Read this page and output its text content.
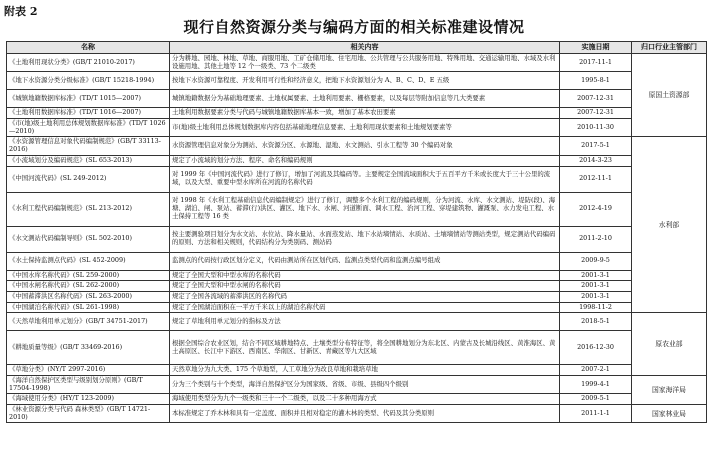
附表 2
现行自然资源分类与编码方面的相关标准建设情况
名称	相关内容	实施日期	归口行业主管部门
《土地利用现状分类》(GB/T 21010-2017)	分为耕地、园地、林地、草地、商服用地、工矿仓储用地、住宅用地、公共管理与公共服务用地、特殊用地、交通运输用地、水域及水利设施用地、其他土地等 12 个一级类、73 个二级类	2017-11-1	原国土资源部
《地下水资源分类分级标准》(GB/T 15218-1994)	按地下水资源可靠程度、开发利用可行性和经济意义，把地下水资源划分为 A、B、C、D、E 五级	1995-8-1	
《城镇地籍数据库标准》(TD/T 1015—2007)	城镇地籍数据分为基础地理要素、土地权属要素、土地利用要素、栅格要素，以及每层等附加信息等几大类要素	2007-12-31	
《土地利用数据库标准》(TD/T 1016—2007)	土地利用数据要素分类与代码与城镇地籍数据库基本一致，增加了基本农田要素	2007-12-31	
《市(地)级土地利用总体规划数据库标准》(TD/T 1026—2010)	市(地)级土地利用总体规划数据库内容包括基础地理信息要素、土地利用现状要素和土地规划要素等	2010-11-30	
《水资源管理信息对象代码编制规范》(GB/T 33113-2016)	水资源管理信息对象分为测站、水资源分区、水源地、湿地、水文测站、引水工程等 30 个编码对象	2017-5-1	水利部
《小流域划分及编码规范》(SL 653-2013)	规定了小流域的划分方法、程序、命名和编码规则	2014-3-23	
《中国河流代码》(SL 249-2012)	对 1999 年《中国河流代码》进行了修订，增加了河流及其编码等。主要规定全国流域面积大于五百平方千米或长度大于三十公里的流域，以及大型、重要中型水库所在河流的名称代码	2012-11-1	
《水利工程代码编制规范》(SL 213-2012)	对 1998 年《水利工程基础信息代码编制规定》进行了修订，调整多个水利工程的编码规则，分为河流、水库、水文测站、堤防(段)、海塘、湖泊、闸、泵站、蓄滞(行)洪区、灌区、地下水、水闸、河道断面、调水工程、治河工程、穿堤建筑物、灌溉泵、水力发电工程、水土保持工程等 16 类	2012-4-19	
《水文测站代码编制导则》(SL 502-2010)	按主要测验项目划分为水文站、水位站、降水量站、水面蒸发站、地下水站墒情站、水质站、土壤墒情站等测站类型，规定测站代码编码的原则、方法和相关规则，代码结构分为类别码、测站码	2011-2-10	
《水土保持监测点代码》(SL 452-2009)	监测点的代码按行政区划分定义，代码由测站所在区划代码、监测点类型代码和监测点编号组成	2009-9-5	
《中国水库名称代码》(SL 259-2000)	规定了全国大型和中型水库的名称代码	2001-3-1	
《中国水闸名称代码》(SL 262-2000)	规定了全国大型和中型水闸的名称代码	2001-3-1	
《中国蓄滞洪区名称代码》(SL 263-2000)	规定了全国各流域的蓄滞洪区的名称代码	2001-3-1	
《中国湖泊名称代码》(SL 261-1998)	规定了全国湖泊面积在一平方千米以上的湖泊名称代码	1998-11-2	
《天然草地利用单元划分》(GB/T 34751-2017)	规定了草地利用单元划分的指标及方法	2018-5-1	原农业部
《耕地质量等级》(GB/T 33469-2016)	根据全国综合农业区划，结合不同区域耕地特点、土壤类型分布特征等，将全国耕地划分为东北区、内蒙古及长城沿线区、黄淮海区、黄土高原区、长江中下游区、西南区、华南区、甘新区、青藏区等九大区域	2016-12-30	
《草地分类》(NY/T 2997-2016)	天然草地分为九大类、175 个草地型，人工草地分为改良草地和栽培草地	2007-2-1	
《海洋自然保护区类型与级别划分原则》(GB/T 17504-1998)	分为三个类别与十个类型，海洋自然保护区分为国家级、省级、市级、县级四个级别	1999-4-1	国家海洋局
《海域使用分类》(HY/T 123-2009)	海域使用类型分为九个一级类和三十一个二级类，以及二十多种用海方式	2009-5-1	
《林业资源分类与代码 森林类型》(GB/T 14721-2010)	本标准规定了乔木林和具有一定盖度、面积并且相对稳定的灌木林的类型、代码及其分类原则	2011-1-1	国家林业局
